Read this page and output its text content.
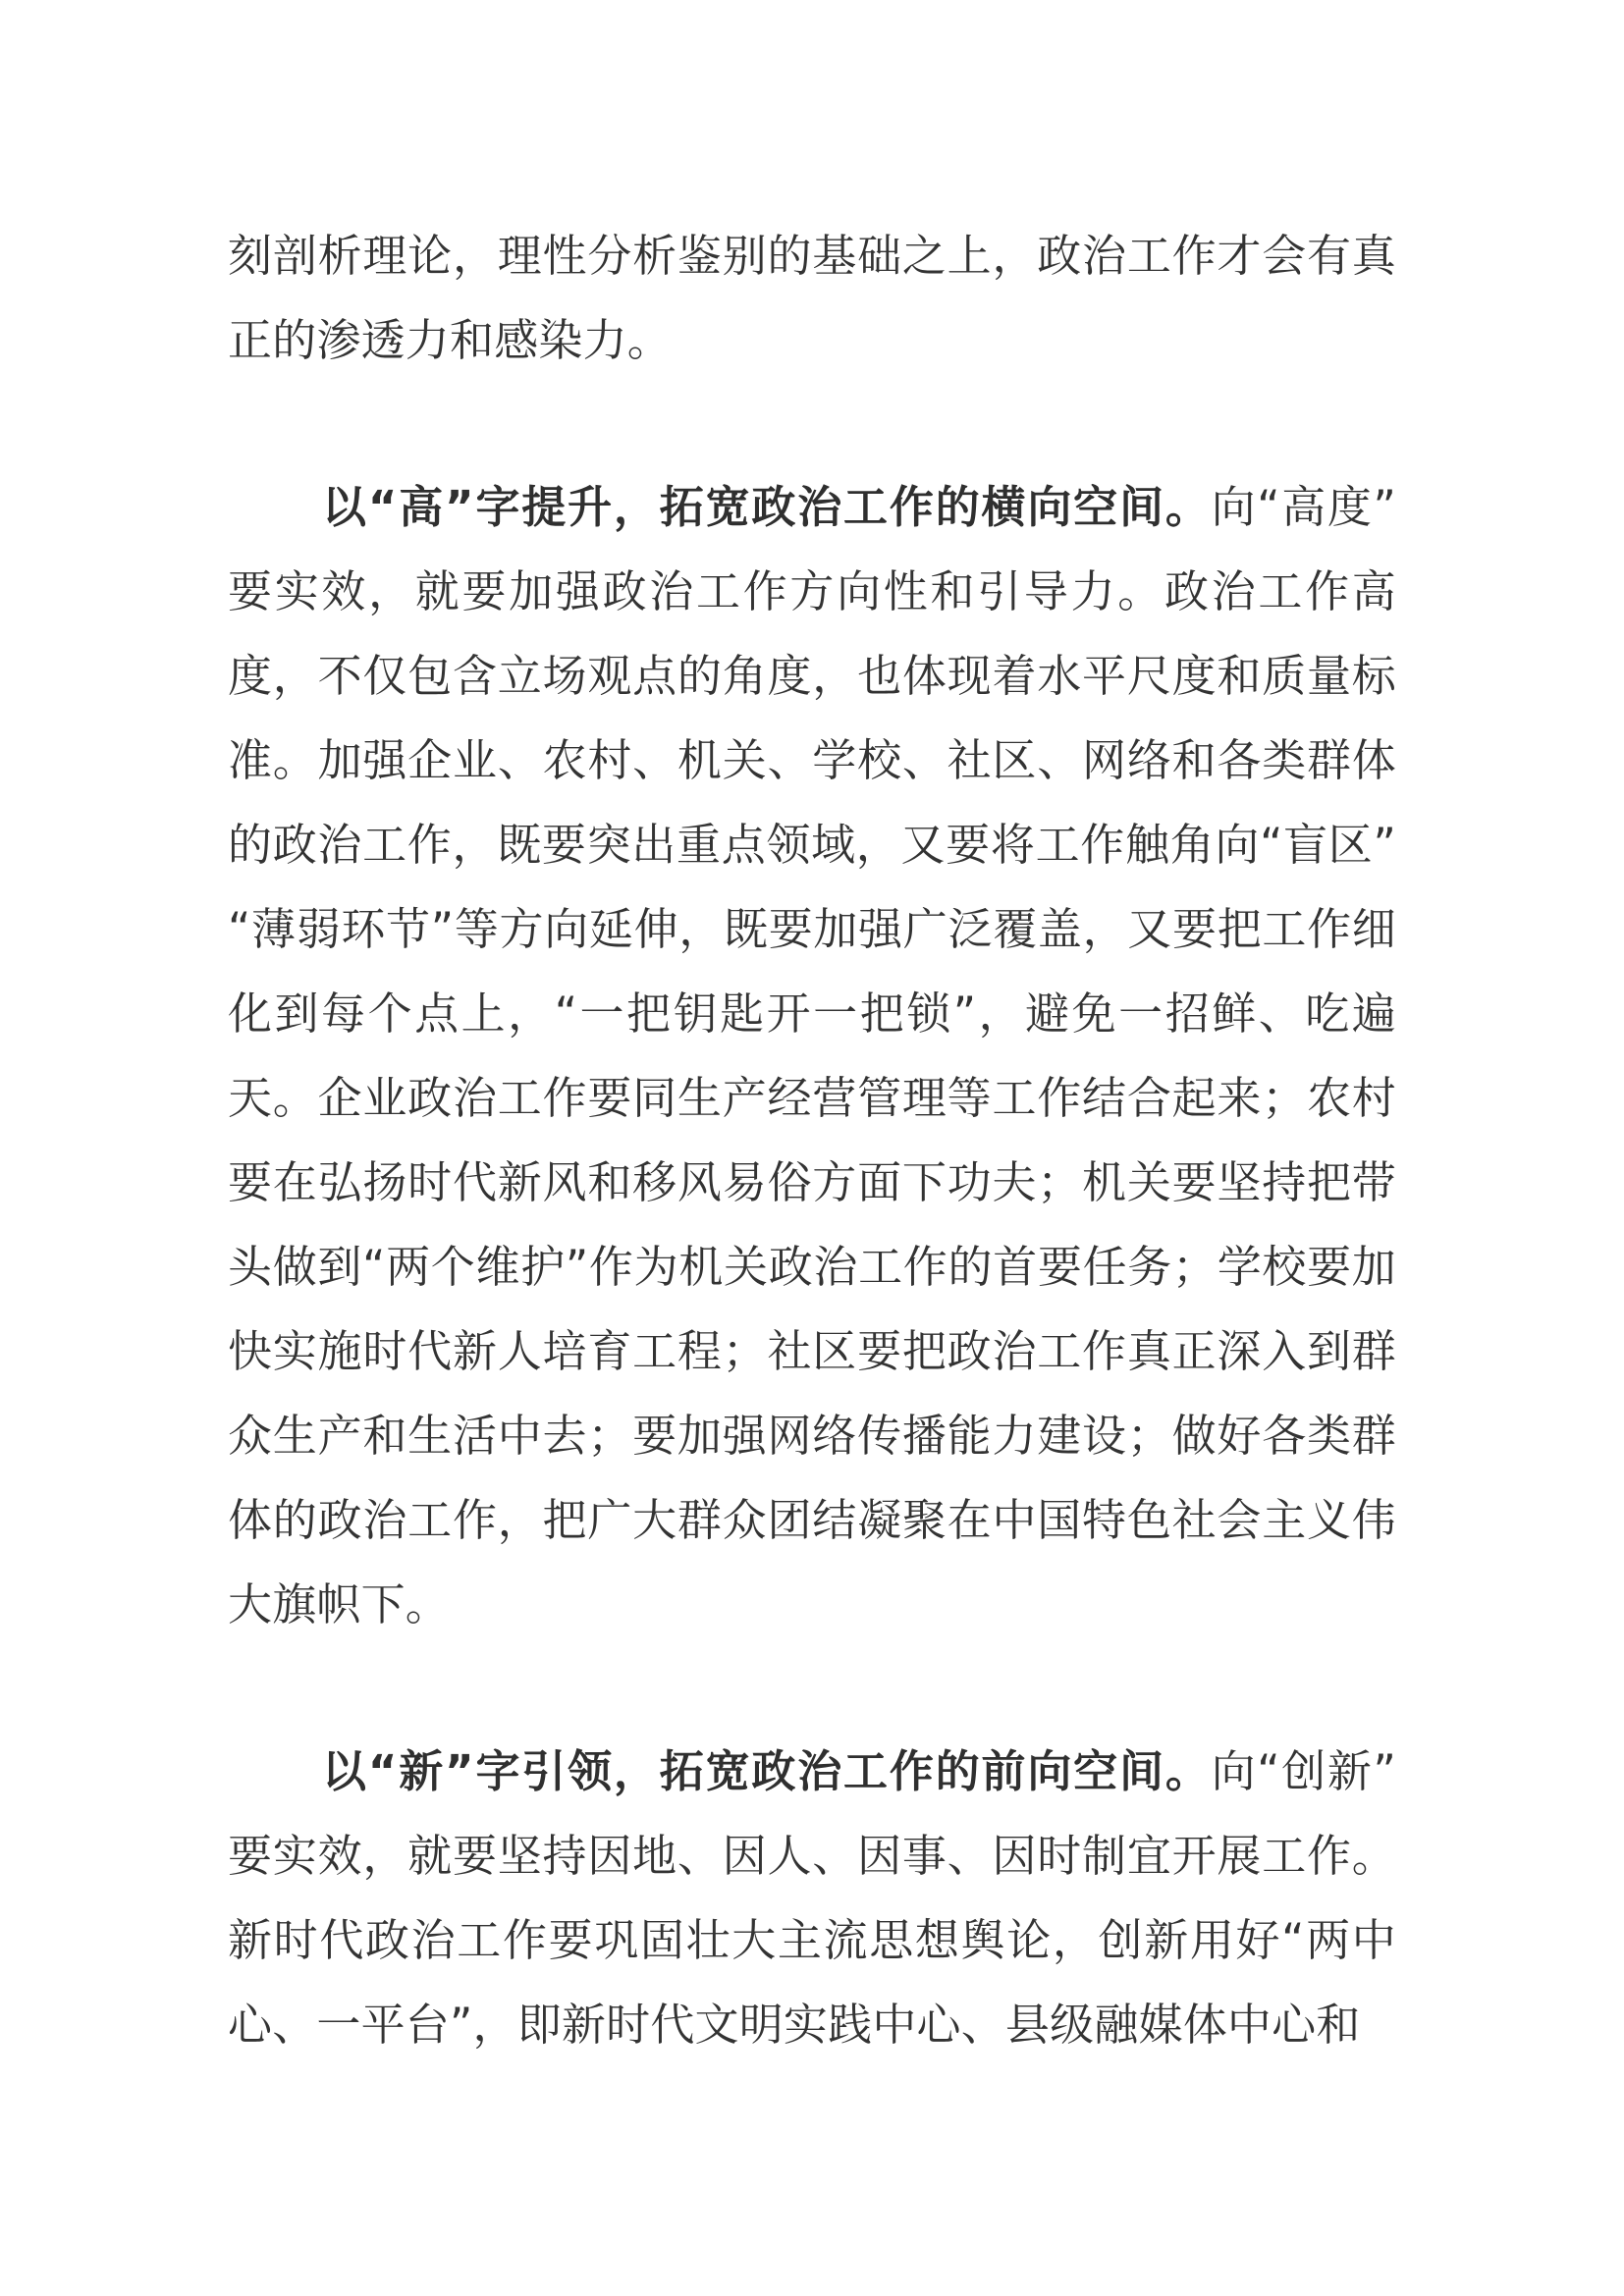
刻剖析理论，理性分析鉴别的基础之上，政治工作才会有真正的渗透力和感染力。

以“高”字提升，拓宽政治工作的横向空间。向“高度”要实效，就要加强政治工作方向性和引导力。政治工作高度，不仅包含立场观点的角度，也体现着水平尺度和质量标准。加强企业、农村、机关、学校、社区、网络和各类群体的政治工作，既要突出重点领域，又要将工作触角向“盲区”“薄弱环节”等方向延伸，既要加强广泛覆盖，又要把工作细化到每个点上，“一把钥匙开一把锁”，避免一招鲜、吃遍天。企业政治工作要同生产经营管理等工作结合起来；农村要在弘扬时代新风和移风易俗方面下功夫；机关要坚持把带头做到“两个维护”作为机关政治工作的首要任务；学校要加快实施时代新人培育工程；社区要把政治工作真正深入到群众生产和生活中去；要加强网络传播能力建设；做好各类群体的政治工作，把广大群众团结凝聚在中国特色社会主义伟大旗帜下。

以“新”字引领，拓宽政治工作的前向空间。向“创新”要实效，就要坚持因地、因人、因事、因时制宜开展工作。新时代政治工作要巩固壮大主流思想舆论，创新用好“两中心、一平台”，即新时代文明实践中心、县级融媒体中心和
